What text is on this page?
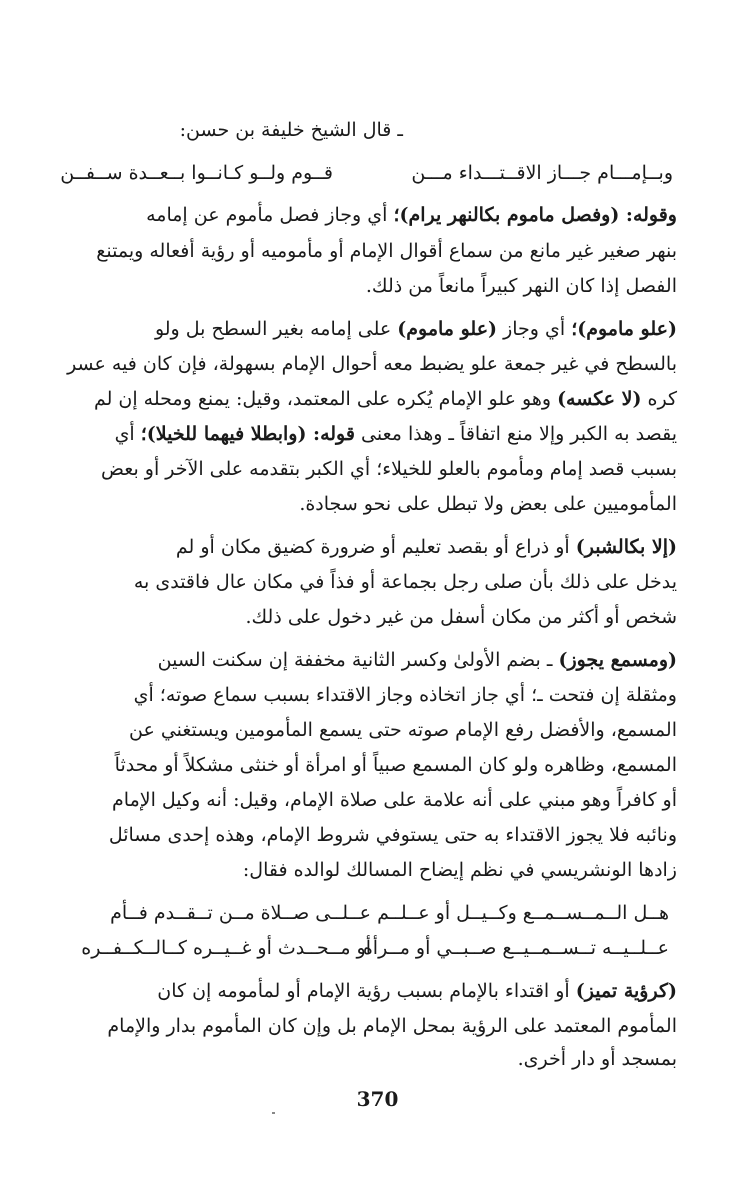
ـ قال الشيخ خليفة بن حسن:
وبــإمـــام جـــاز الاقــتـــداء مـــن
قــوم ولــو كـانــوا بــعــدة ســفــن
وقوله: (وفصل ماموم بكالنهر يرام)؛ أي وجاز فصل مأموم عن إمامه
بنهر صغير غير مانع من سماع أقوال الإمام أو مأموميه أو رؤية أفعاله ويمتنع
الفصل إذا كان النهر كبيراً مانعاً من ذلك.
(علو ماموم)؛ أي وجاز (علو ماموم) على إمامه بغير السطح بل ولو
بالسطح في غير جمعة علو يضبط معه أحوال الإمام بسهولة، فإن كان فيه عسر
كره (لا عكسه) وهو علو الإمام يُكره على المعتمد، وقيل: يمنع ومحله إن لم
يقصد به الكبر وإلا منع اتفاقاً ـ وهذا معنى قوله: (وابطلا فيهما للخيلا)؛ أي
بسبب قصد إمام ومأموم بالعلو للخيلاء؛ أي الكبر بتقدمه على الآخر أو بعض
المأموميين على بعض ولا تبطل على نحو سجادة.
(إلا بكالشبر) أو ذراع أو بقصد تعليم أو ضرورة كضيق مكان أو لم
يدخل على ذلك بأن صلى رجل بجماعة أو فذاً في مكان عال فاقتدى به
شخص أو أكثر من مكان أسفل من غير دخول على ذلك.
(ومسمع يجوز) ـ بضم الأولىٰ وكسر الثانية مخففة إن سكنت السين
ومثقلة إن فتحت ـ؛ أي جاز اتخاذه وجاز الاقتداء بسبب سماع صوته؛ أي
المسمع، والأفضل رفع الإمام صوته حتى يسمع المأمومين ويستغني عن
المسمع، وظاهره ولو كان المسمع صبياً أو امرأة أو خنثى مشكلاً أو محدثاً
أو كافراً وهو مبني على أنه علامة على صلاة الإمام، وقيل: أنه وكيل الإمام
ونائبه فلا يجوز الاقتداء به حتى يستوفي شروط الإمام، وهذه إحدى مسائل
زادها الونشريسي في نظم إيضاح المسالك لوالده فقال:
هــل الــمــســمــع وكــيــل أو عــلــم
عــلــى صــلاة مــن تــقــدم فــأم
عــلــيــه تــســمــيــع صــبــي أو مــرأه
أو مــحــدث أو غــيــره كــالــكــفــره
(كرؤية تميز) أو اقتداء بالإمام بسبب رؤية الإمام أو لمأمومه إن كان
المأموم المعتمد على الرؤية بمحل الإمام بل وإن كان المأموم بدار والإمام
بمسجد أو دار أخرى.
370
